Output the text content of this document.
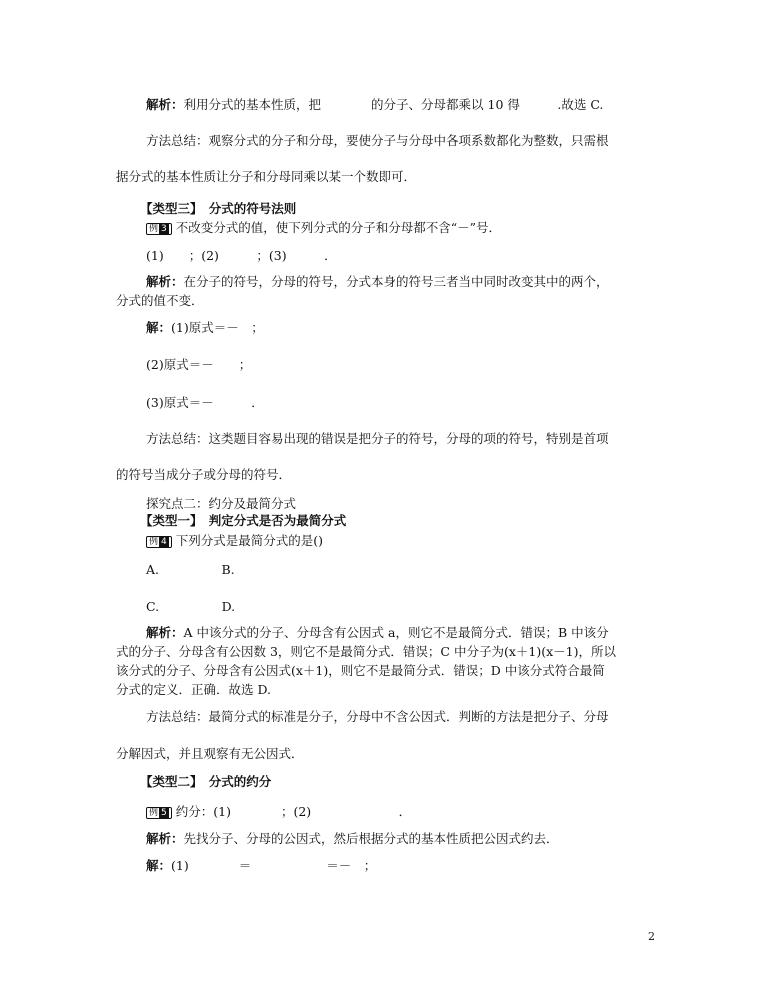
解析：利用分式的基本性质，把　　　　的分子、分母都乘以 10 得　　　.故选 C.
方法总结：观察分式的分子和分母，要使分子与分母中各项系数都化为整数，只需根
据分式的基本性质让分子和分母同乘以某一个数即可．
【类型三】　分式的符号法则
例 3 不改变分式的值，使下列分式的分子和分母都不含“－”号．
(1)　　；(2)　　　；(3)　　　．
解析：在分子的符号，分母的符号，分式本身的符号三者当中同时改变其中的两个，
分式的值不变．
解：(1)原式＝－　；
(2)原式＝－　　；
(3)原式＝－　　　．
方法总结：这类题目容易出现的错误是把分子的符号，分母的项的符号，特别是首项
的符号当成分子或分母的符号．
探究点二：约分及最简分式
【类型一】　判定分式是否为最简分式
例 4 下列分式是最简分式的是()
A.　　　　　B.
C.　　　　　D.
解析：A 中该分式的分子、分母含有公因式 a，则它不是最简分式．错误；B 中该分
式的分子、分母含有公因数 3，则它不是最简分式．错误；C 中分子为(x＋1)(x－1)，所以
该分式的分子、分母含有公因式(x＋1)，则它不是最简分式．错误；D 中该分式符合最简
分式的定义．正确．故选 D.
方法总结：最简分式的标准是分子，分母中不含公因式．判断的方法是把分子、分母
分解因式，并且观察有无公因式．
【类型二】　分式的约分
例 5 约分：(1)　　　　；(2)　　　　　　　．
解析：先找分子、分母的公因式，然后根据分式的基本性质把公因式约去．
解：(1)　　　　＝　　　　　　＝－　；
2
